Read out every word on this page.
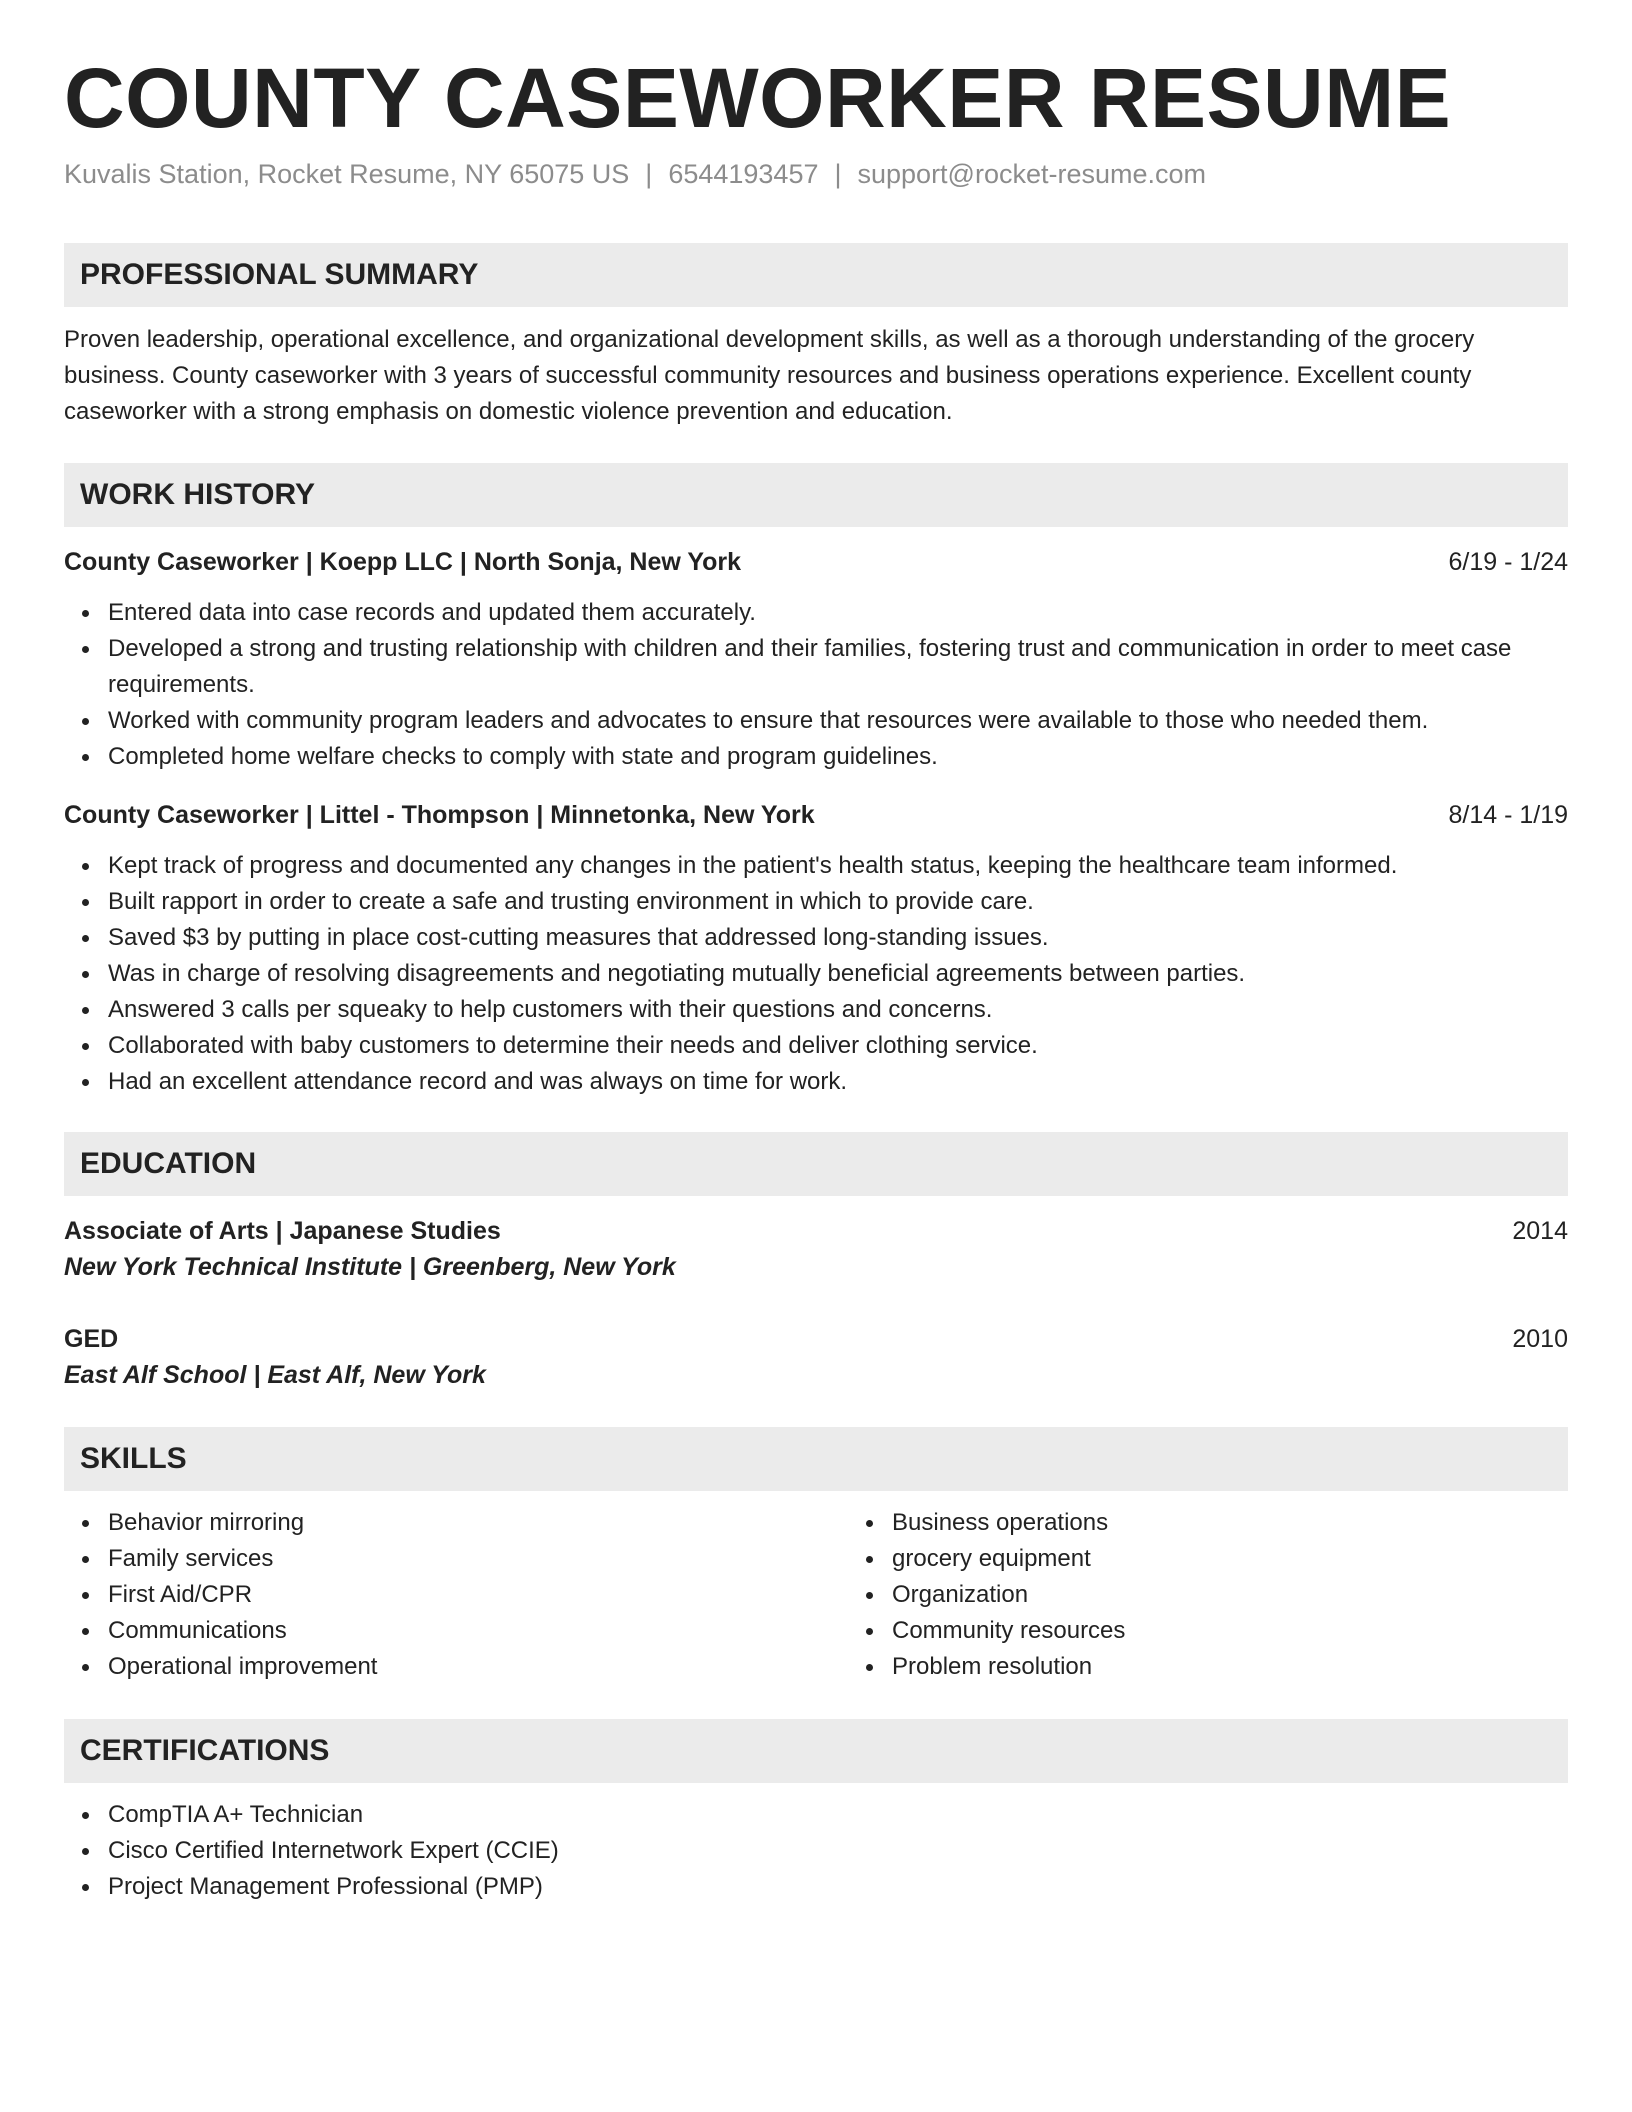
COUNTY CASEWORKER RESUME
Kuvalis Station, Rocket Resume, NY 65075 US | 6544193457 | support@rocket-resume.com
PROFESSIONAL SUMMARY
Proven leadership, operational excellence, and organizational development skills, as well as a thorough understanding of the grocery business. County caseworker with 3 years of successful community resources and business operations experience. Excellent county caseworker with a strong emphasis on domestic violence prevention and education.
WORK HISTORY
County Caseworker | Koepp LLC | North Sonja, New York	6/19 - 1/24
Entered data into case records and updated them accurately.
Developed a strong and trusting relationship with children and their families, fostering trust and communication in order to meet case requirements.
Worked with community program leaders and advocates to ensure that resources were available to those who needed them.
Completed home welfare checks to comply with state and program guidelines.
County Caseworker | Littel - Thompson | Minnetonka, New York	8/14 - 1/19
Kept track of progress and documented any changes in the patient's health status, keeping the healthcare team informed.
Built rapport in order to create a safe and trusting environment in which to provide care.
Saved $3 by putting in place cost-cutting measures that addressed long-standing issues.
Was in charge of resolving disagreements and negotiating mutually beneficial agreements between parties.
Answered 3 calls per squeaky to help customers with their questions and concerns.
Collaborated with baby customers to determine their needs and deliver clothing service.
Had an excellent attendance record and was always on time for work.
EDUCATION
Associate of Arts | Japanese Studies	2014
New York Technical Institute | Greenberg, New York
GED	2010
East Alf School | East Alf, New York
SKILLS
Behavior mirroring
Family services
First Aid/CPR
Communications
Operational improvement
Business operations
grocery equipment
Organization
Community resources
Problem resolution
CERTIFICATIONS
CompTIA A+ Technician
Cisco Certified Internetwork Expert (CCIE)
Project Management Professional (PMP)
